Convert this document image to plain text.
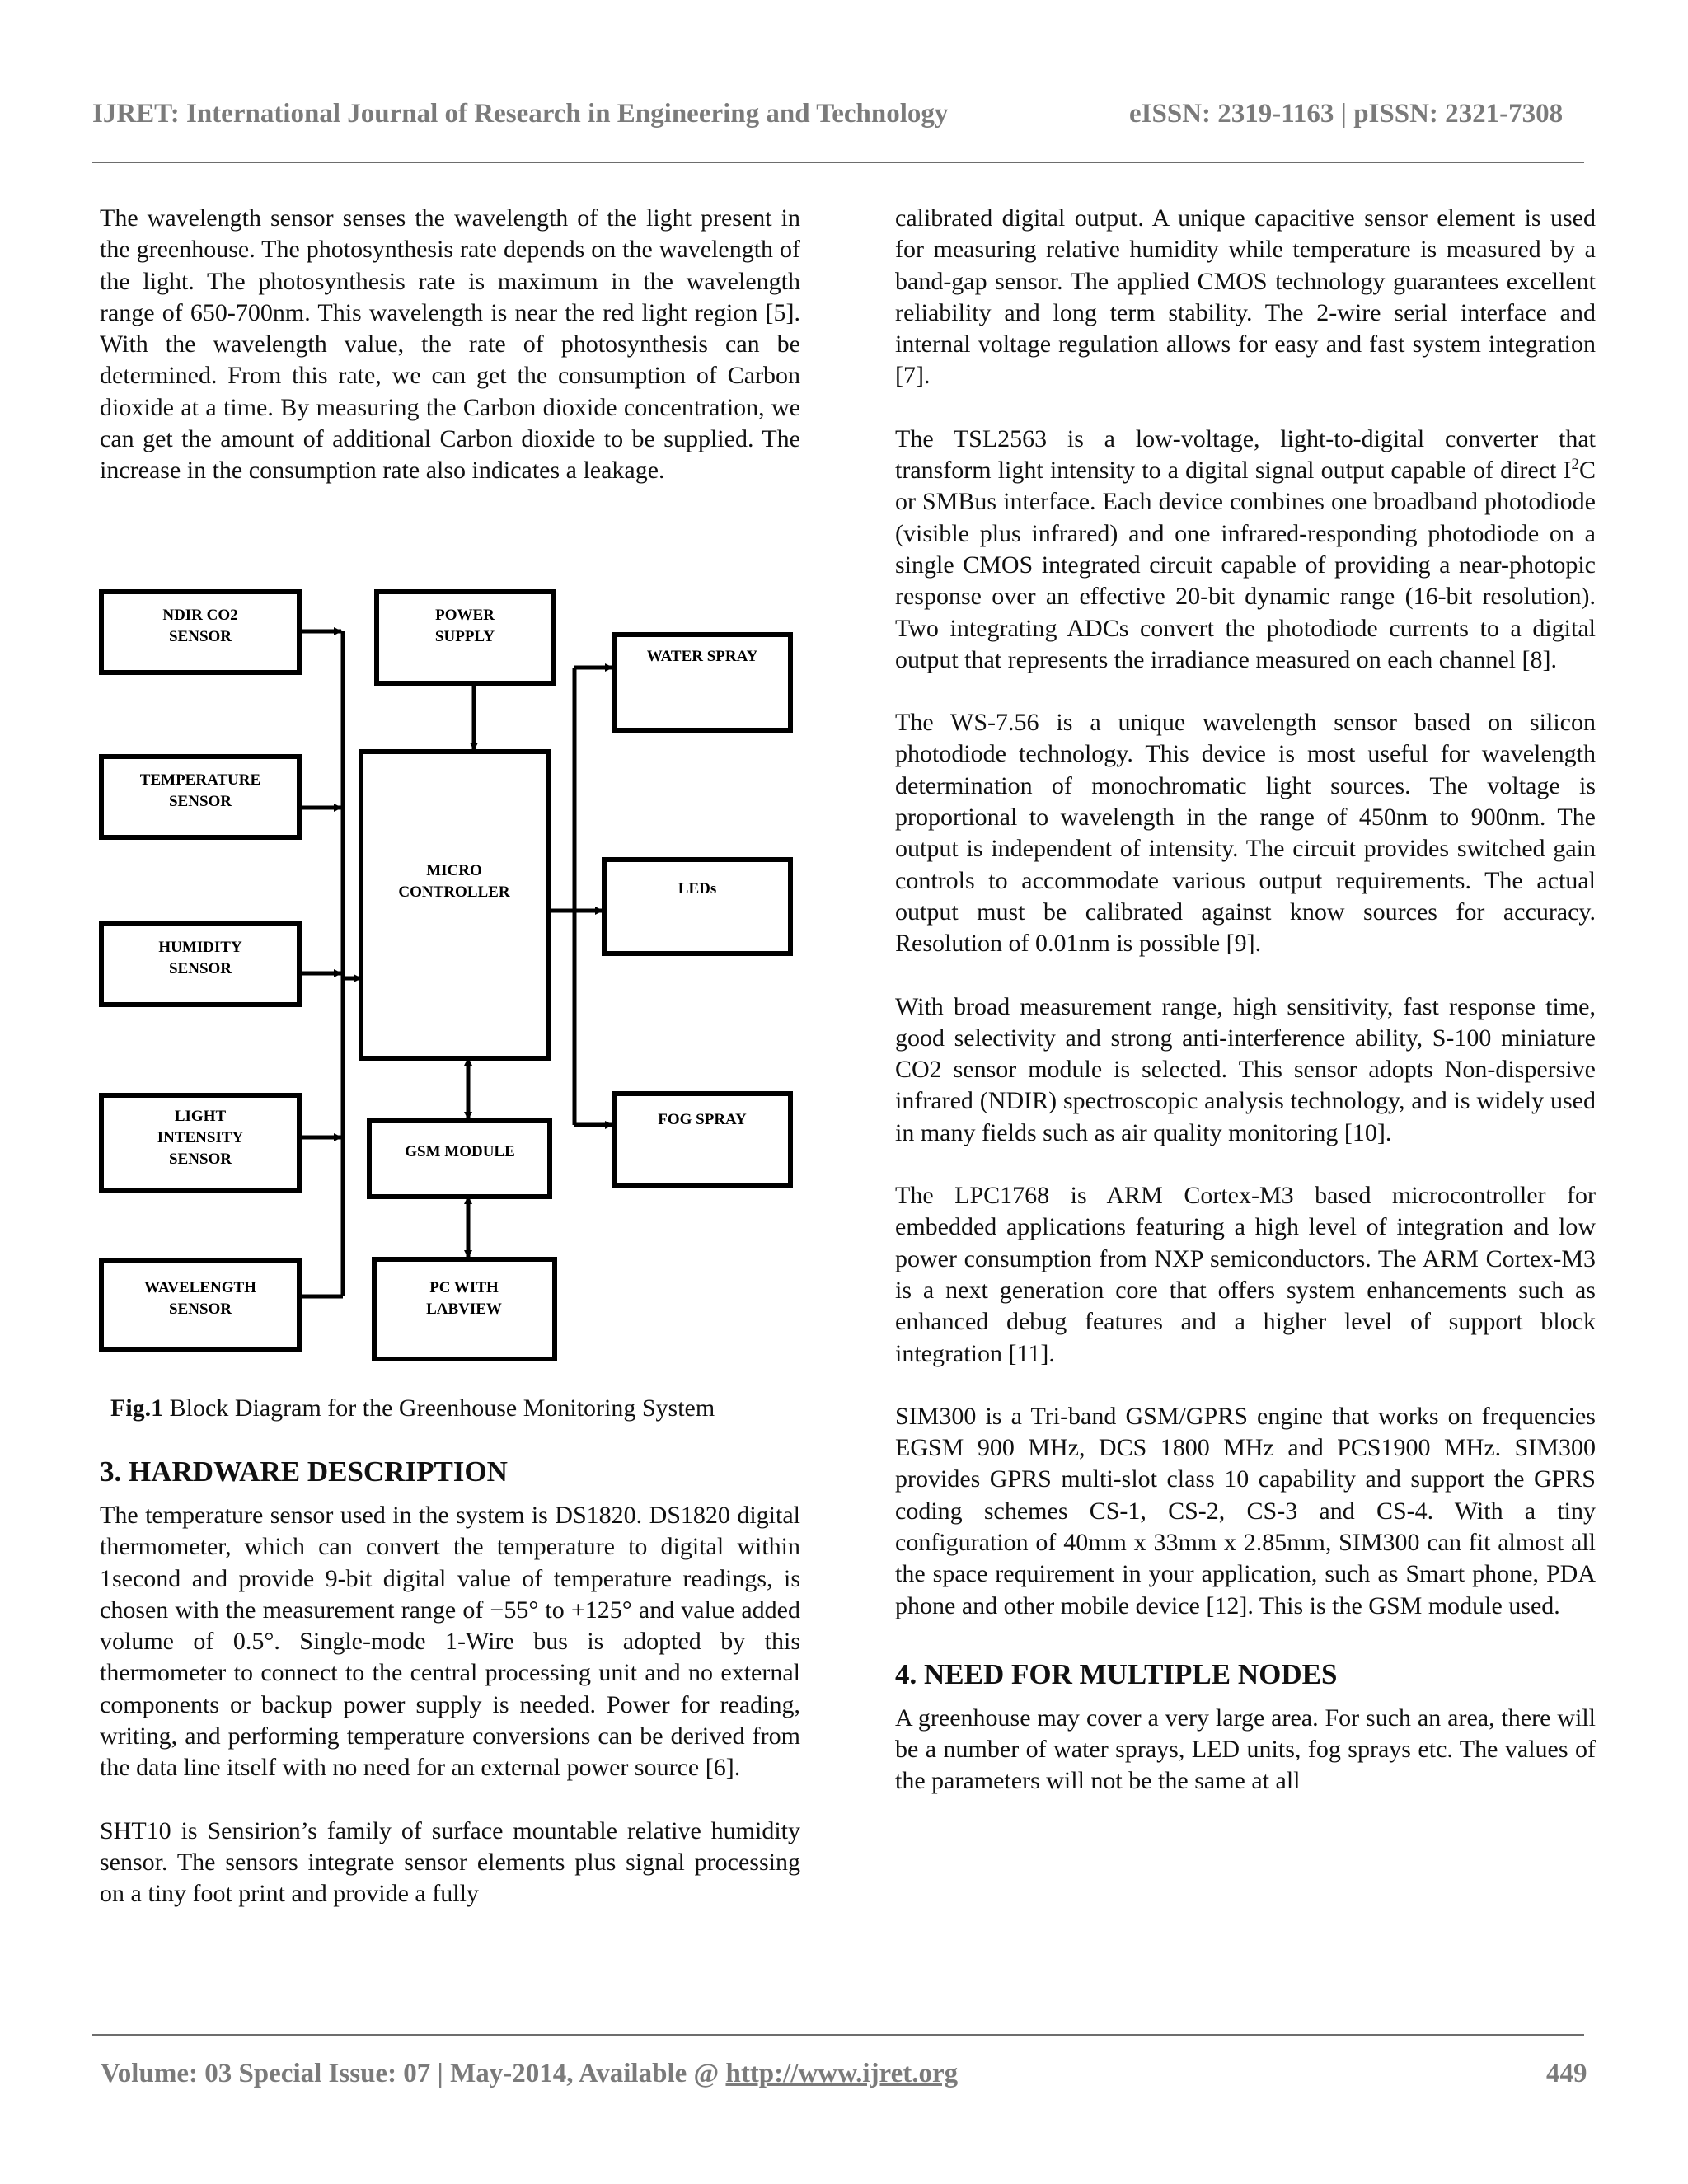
IJRET: International Journal of Research in Engineering and Technology	eISSN: 2319-1163 | pISSN: 2321-7308

The wavelength sensor senses the wavelength of the light present in the greenhouse. The photosynthesis rate depends on the wavelength of the light. The photosynthesis rate is maximum in the wavelength range of 650-700nm. This wavelength is near the red light region [5]. With the wavelength value, the rate of photosynthesis can be determined. From this rate, we can get the consumption of Carbon dioxide at a time. By measuring the Carbon dioxide concentration, we can get the amount of additional Carbon dioxide to be supplied. The increase in the consumption rate also indicates a leakage.

NDIR CO2
SENSOR
TEMPERATURE
SENSOR
HUMIDITY
SENSOR
LIGHT
INTENSITY
SENSOR
WAVELENGTH
SENSOR
POWER
SUPPLY
MICRO
CONTROLLER
GSM MODULE
PC WITH
LABVIEW
WATER SPRAY
LEDs
FOG SPRAY
Fig.1 Block Diagram for the Greenhouse Monitoring System
3. HARDWARE DESCRIPTION

The temperature sensor used in the system is DS1820. DS1820 digital thermometer, which can convert the temperature to digital within 1second and provide 9-bit digital value of temperature readings, is chosen with the measurement range of −55° to +125° and value added volume of 0.5°. Single-mode 1-Wire bus is adopted by this thermometer to connect to the central processing unit and no external components or backup power supply is needed. Power for reading, writing, and performing temperature conversions can be derived from the data line itself with no need for an external power source [6].

SHT10 is Sensirion’s family of surface mountable relative humidity sensor. The sensors integrate sensor elements plus signal processing on a tiny foot print and provide a fully

calibrated digital output. A unique capacitive sensor element is used for measuring relative humidity while temperature is measured by a band-gap sensor. The applied CMOS technology guarantees excellent reliability and long term stability. The 2-wire serial interface and internal voltage regulation allows for easy and fast system integration [7].

The TSL2563 is a low-voltage, light-to-digital converter that transform light intensity to a digital signal output capable of direct $I^2C$ or SMBus interface. Each device combines one broadband photodiode (visible plus infrared) and one infrared-responding photodiode on a single CMOS integrated circuit capable of providing a near-photopic response over an effective 20-bit dynamic range (16-bit resolution). Two integrating ADCs convert the photodiode currents to a digital output that represents the irradiance measured on each channel [8].

The WS-7.56 is a unique wavelength sensor based on silicon photodiode technology. This device is most useful for wavelength determination of monochromatic light sources. The voltage is proportional to wavelength in the range of 450nm to 900nm. The output is independent of intensity. The circuit provides switched gain controls to accommodate various output requirements. The actual output must be calibrated against know sources for accuracy. Resolution of 0.01nm is possible [9].

With broad measurement range, high sensitivity, fast response time, good selectivity and strong anti-interference ability, S-100 miniature CO2 sensor module is selected. This sensor adopts Non-dispersive infrared (NDIR) spectroscopic analysis technology, and is widely used in many fields such as air quality monitoring [10].

The LPC1768 is ARM Cortex-M3 based microcontroller for embedded applications featuring a high level of integration and low power consumption from NXP semiconductors. The ARM Cortex-M3 is a next generation core that offers system enhancements such as enhanced debug features and a higher level of support block integration [11].

SIM300 is a Tri-band GSM/GPRS engine that works on frequencies EGSM 900 MHz, DCS 1800 MHz and PCS1900 MHz. SIM300 provides GPRS multi-slot class 10 capability and support the GPRS coding schemes CS-1, CS-2, CS-3 and CS-4. With a tiny configuration of 40mm x 33mm x 2.85mm, SIM300 can fit almost all the space requirement in your application, such as Smart phone, PDA phone and other mobile device [12]. This is the GSM module used.

4. NEED FOR MULTIPLE NODES

A greenhouse may cover a very large area. For such an area, there will be a number of water sprays, LED units, fog sprays etc. The values of the parameters will not be the same at all

Volume: 03 Special Issue: 07 | May-2014, Available @ http://www.ijret.org	449
